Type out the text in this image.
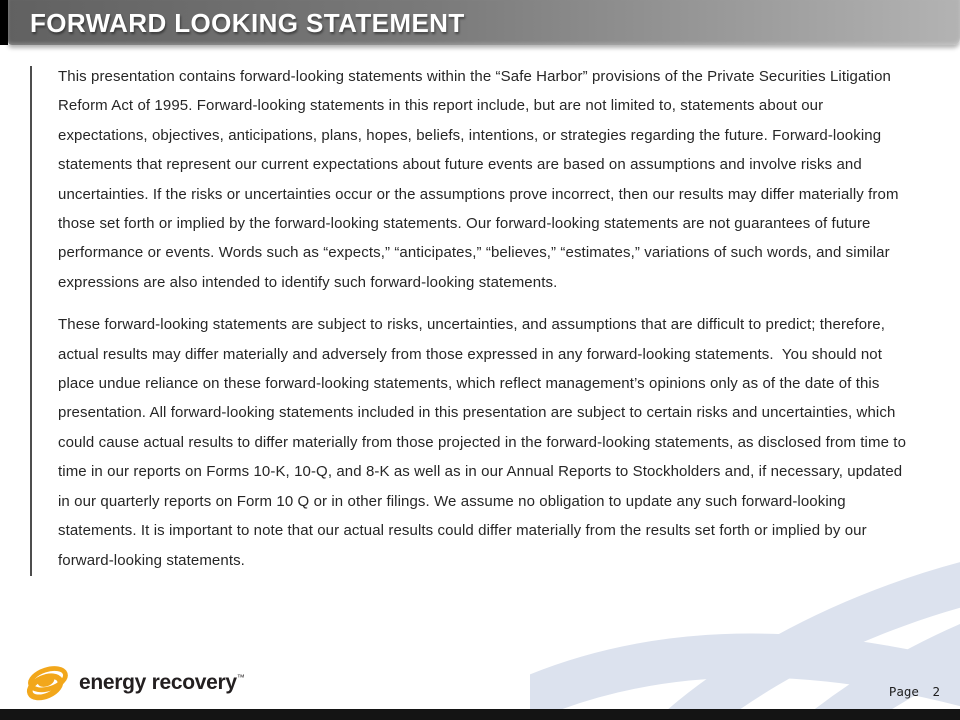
FORWARD LOOKING STATEMENT

This presentation contains forward-looking statements within the “Safe Harbor” provisions of the Private Securities Litigation Reform Act of 1995. Forward-looking statements in this report include, but are not limited to, statements about our expectations, objectives, anticipations, plans, hopes, beliefs, intentions, or strategies regarding the future. Forward-looking statements that represent our current expectations about future events are based on assumptions and involve risks and uncertainties. If the risks or uncertainties occur or the assumptions prove incorrect, then our results may differ materially from those set forth or implied by the forward-looking statements. Our forward-looking statements are not guarantees of future performance or events. Words such as “expects,” “anticipates,” “believes,” “estimates,” variations of such words, and similar expressions are also intended to identify such forward-looking statements.

These forward-looking statements are subject to risks, uncertainties, and assumptions that are difficult to predict; therefore, actual results may differ materially and adversely from those expressed in any forward-looking statements.  You should not place undue reliance on these forward-looking statements, which reflect management’s opinions only as of the date of this presentation. All forward-looking statements included in this presentation are subject to certain risks and uncertainties, which could cause actual results to differ materially from those projected in the forward-looking statements, as disclosed from time to time in our reports on Forms 10-K, 10-Q, and 8-K as well as in our Annual Reports to Stockholders and, if necessary, updated in our quarterly reports on Form 10 Q or in other filings. We assume no obligation to update any such forward-looking statements. It is important to note that our actual results could differ materially from the results set forth or implied by our forward-looking statements.

energy recovery™
Page 2
